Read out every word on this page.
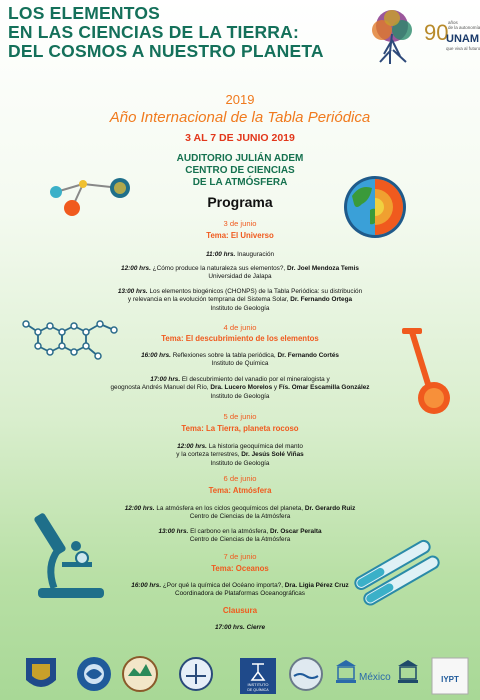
LOS ELEMENTOS
EN LAS CIENCIAS DE LA TIERRA:
DEL COSMOS A NUESTRO PLANETA
90 años
de la autonomía
UNAM
que viva al futuro
2019
Año Internacional de la Tabla Periódica
3 AL 7 DE JUNIO 2019
AUDITORIO JULIÁN ADEM
CENTRO DE CIENCIAS
DE LA ATMÓSFERA
Programa
3 de junio
Tema: El Universo
11:00 hrs. Inauguración
12:00 hrs. ¿Cómo produce la naturaleza sus elementos?, Dr. Joel Mendoza Temis
Universidad de Jalapa
13:00 hrs. Los elementos biogénicos (CHONPS) de la Tabla Periódica: su distribución
y relevancia en la evolución temprana del Sistema Solar, Dr. Fernando Ortega
Instituto de Geología
4 de junio
Tema: El descubrimiento de los elementos
16:00 hrs. Reflexiones sobre la tabla periódica, Dr. Fernando Cortés
Instituto de Química
17:00 hrs. El descubrimiento del vanadio por el mineralogista y
geognosta Andrés Manuel del Río, Dra. Lucero Morelos y Fís. Omar Escamilla González
Instituto de Geología
5 de junio
Tema: La Tierra, planeta rocoso
12:00 hrs. La historia geoquímica del manto
y la corteza terrestres, Dr. Jesús Solé Viñas
Instituto de Geología
6 de junio
Tema: Atmósfera
12:00 hrs. La atmósfera en los ciclos geoquímicos del planeta, Dr. Gerardo Ruiz
Centro de Ciencias de la Atmósfera
13:00 hrs. El carbono en la atmósfera, Dr. Oscar Peralta
Centro de Ciencias de la Atmósfera
7 de junio
Tema: Oceanos
16:00 hrs. ¿Por qué la química del Océano importa?, Dra. Ligia Pérez Cruz
Coordinadora de Plataformas Oceanográficas
Clausura
17:00 hrs. Cierre
INSTITUTO
DE QUÍMICA
México	IYPT
